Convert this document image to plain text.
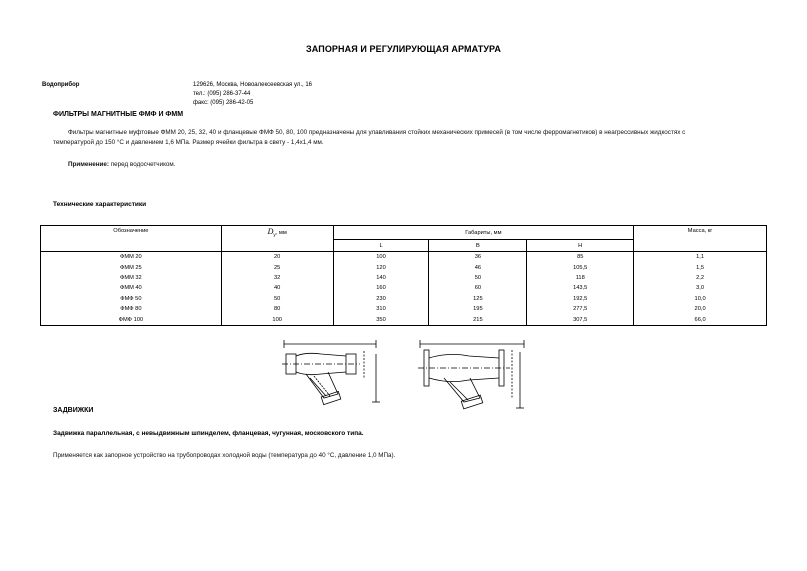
ЗАПОРНАЯ И РЕГУЛИРУЮЩАЯ АРМАТУРА
Водоприбор	129626, Москва, Новоалексеевская ул., 16
тел.: (095) 286-37-44
факс: (095) 286-42-05
ФИЛЬТРЫ МАГНИТНЫЕ ФМФ И ФММ
Фильтры магнитные муфтовые ФММ 20, 25, 32, 40 и фланцевые ФМФ 50, 80, 100 предназначены для улавливания стойких механических примесей (в том числе ферромагнетиков) в неагрессивных жидкостях с
температурой до 150 °С и давлением 1,6 МПа. Размер ячейки фильтра в свету - 1,4х1,4 мм.
Применение: перед водосчетчиком.
Технические характеристики
Обозначение	$D_у$, мм	Габариты, мм			Масса, кг
		L	B	H	
ФММ 20	20	100	36	85	1,1
ФММ 25	25	120	46	105,5	1,5
ФММ 32	32	140	50	118	2,2
ФММ 40	40	160	60	143,5	3,0
ФМФ 50	50	230	125	192,5	10,0
ФМФ 80	80	310	195	277,5	20,0
ФМФ 100	100	350	215	307,5	66,0
ЗАДВИЖКИ
Задвижка параллельная, с невыдвижным шпинделем, фланцевая, чугунная, московского типа.
Применяется как запорное устройство на трубопроводах холодной воды (температура до 40 °С, давление 1,0 МПа).
